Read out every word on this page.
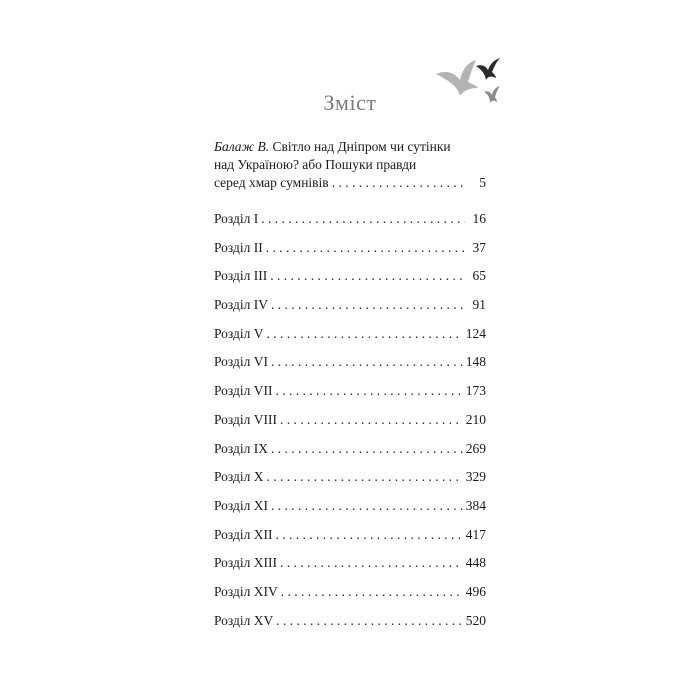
Зміст
Балаж В. Світло над Дніпром чи сутінки
над Україною? або Пошуки правди
серед хмар сумнівів . . .	5
Розділ I . . .	16
Розділ II . . .	37
Розділ III . . .	65
Розділ IV . . .	91
Розділ V . . .	124
Розділ VI . . .	148
Розділ VII . . .	173
Розділ VIII . . .	210
Розділ IX . . .	269
Розділ X . . .	329
Розділ XI . . .	384
Розділ XII . . .	417
Розділ XIII . . .	448
Розділ XIV . . .	496
Розділ XV . . .	520
